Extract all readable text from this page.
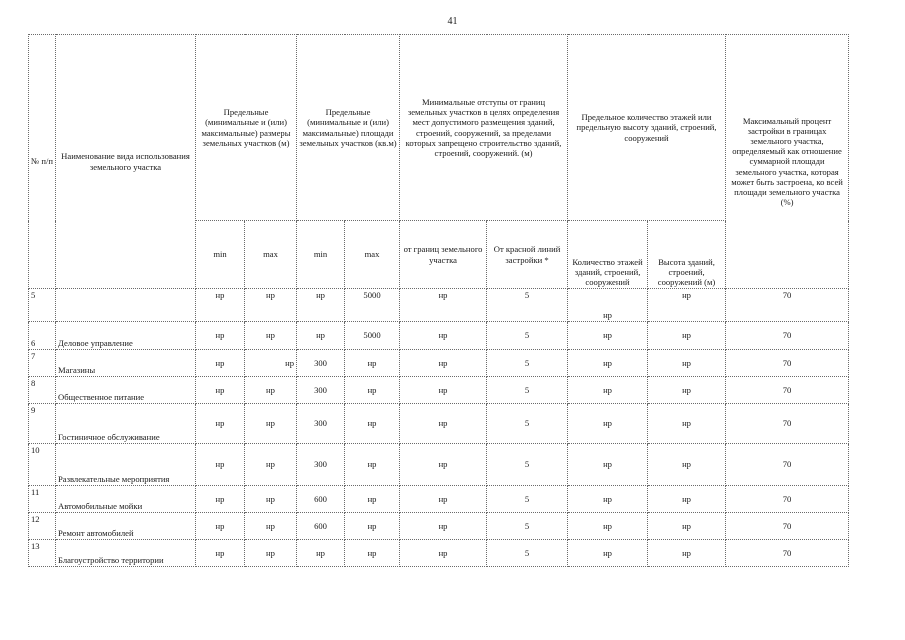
41
№ п/п	Наименование вида использования земельного участка	Предельные (минимальные и (или) максимальные) размеры земельных участков (м)		Предельные (минимальные и (или) максимальные) площади земельных участков (кв.м)		Минимальные отступы от границ земельных участков в целях определения мест допустимого размещения зданий, строений, сооружений, за пределами которых запрещено строительство зданий, строений, сооружений. (м)		Предельное количество этажей или предельную высоту зданий, строений, сооружений		Максимальный процент застройки в границах земельного участка, определяемый как отношение суммарной площади земельного участка, которая может быть застроена, ко всей площади земельного участка (%)
		min	max	min	max	от границ земельного участка	От красной линий застройки *	Количество этажей зданий, строений, сооружений	Высота зданий, строений, сооружений (м)	
5		нр	нр	нр	5000	нр	5	нр	нр	70
6	Деловое управление	нр	нр	нр	5000	нр	5	нр	нр	70
7	Магазины	нр	нр	300	нр	нр	5	нр	нр	70
8	Общественное питание	нр	нр	300	нр	нр	5	нр	нр	70
9	Гостиничное обслуживание	нр	нр	300	нр	нр	5	нр	нр	70
10	Развлекательные мероприятия	нр	нр	300	нр	нр	5	нр	нр	70
11	Автомобильные мойки	нр	нр	600	нр	нр	5	нр	нр	70
12	Ремонт автомобилей	нр	нр	600	нр	нр	5	нр	нр	70
13	Благоустройство территории	нр	нр	нр	нр	нр	5	нр	нр	70
